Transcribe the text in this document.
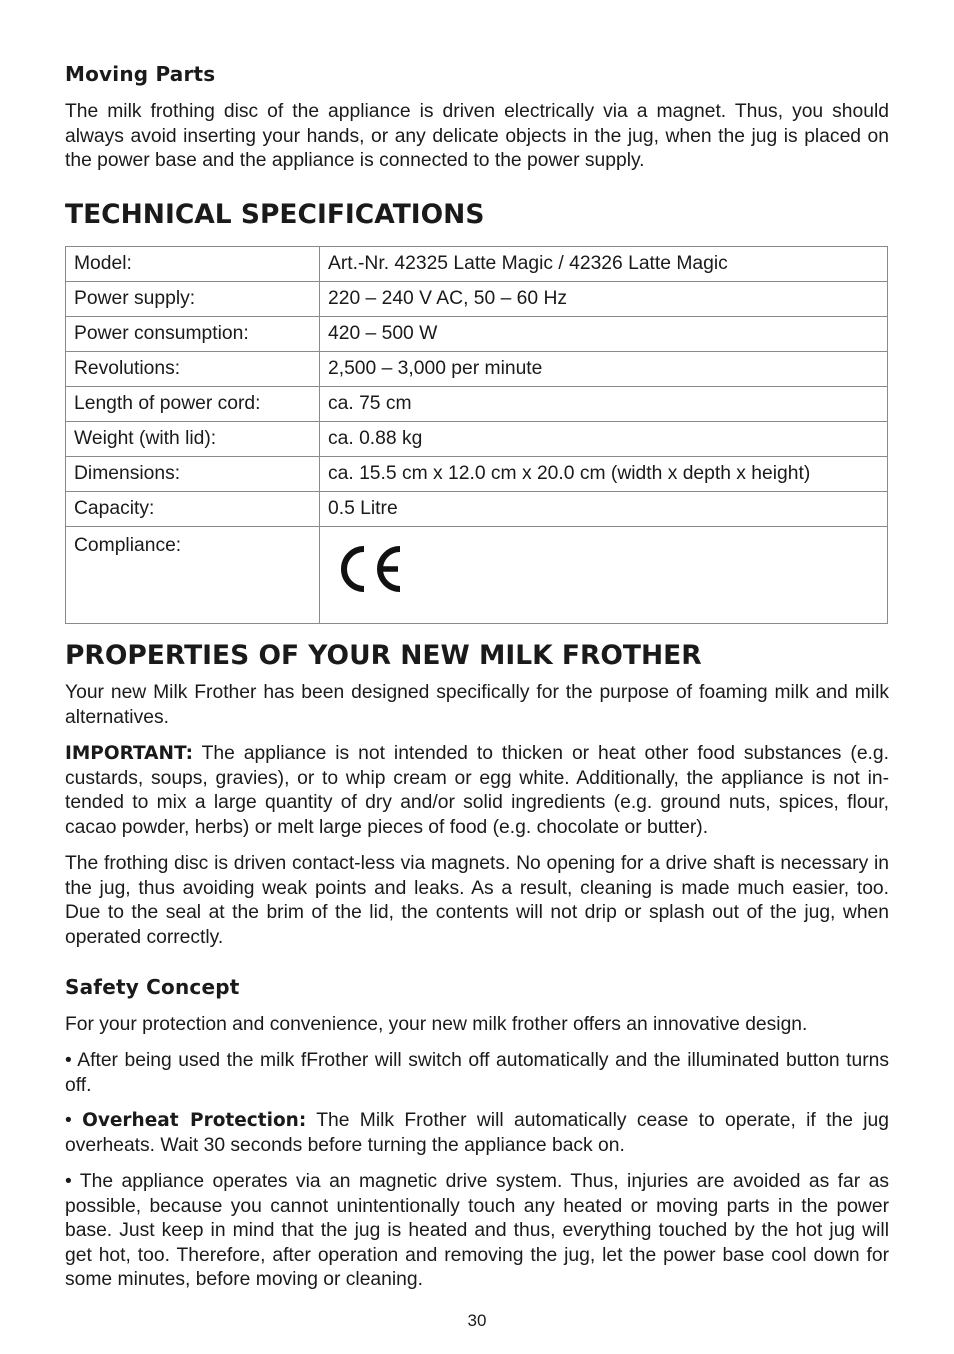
Moving Parts

The milk frothing disc of the appliance is driven electrically via a magnet. Thus, you should always avoid inserting your hands, or any delicate objects in the jug, when the jug is placed on the power base and the appliance is connected to the power supply.

TECHNICAL SPECIFICATIONS
Model:	Art.-Nr. 42325 Latte Magic / 42326 Latte Magic
Power supply:	220 – 240 V AC, 50 – 60 Hz
Power consumption:	420 – 500 W
Revolutions:	2,500 – 3,000 per minute
Length of power cord:	ca. 75 cm
Weight (with lid):	ca. 0.88 kg
Dimensions:	ca. 15.5 cm x 12.0 cm x 20.0 cm (width x depth x height)
Capacity:	0.5 Litre
Compliance:	
PROPERTIES OF YOUR NEW MILK FROTHER

Your new Milk Frother has been designed specifically for the purpose of foaming milk and milk alternatives.

IMPORTANT: The appliance is not intended to thicken or heat other food substances (e.g. custards, soups, gravies), or to whip cream or egg white. Additionally, the appliance is not intended to mix a large quantity of dry and/or solid ingredients (e.g. ground nuts, spices, flour, cacao powder, herbs) or melt large pieces of food (e.g. chocolate or butter).

The frothing disc is driven contact-less via magnets. No opening for a drive shaft is necessary in the jug, thus avoiding weak points and leaks. As a result, cleaning is made much easier, too. Due to the seal at the brim of the lid, the contents will not drip or splash out of the jug, when operated correctly.

Safety Concept

For your protection and convenience, your new milk frother offers an innovative design.

• After being used the milk fFrother will switch off automatically and the illuminated button turns off.

• Overheat Protection: The Milk Frother will automatically cease to operate, if the jug overheats. Wait 30 seconds before turning the appliance back on.

• The appliance operates via an magnetic drive system. Thus, injuries are avoided as far as possible, because you cannot unintentionally touch any heated or moving parts in the power base. Just keep in mind that the jug is heated and thus, everything touched by the hot jug will get hot, too. Therefore, after operation and removing the jug, let the power base cool down for some minutes, before moving or cleaning.

30
